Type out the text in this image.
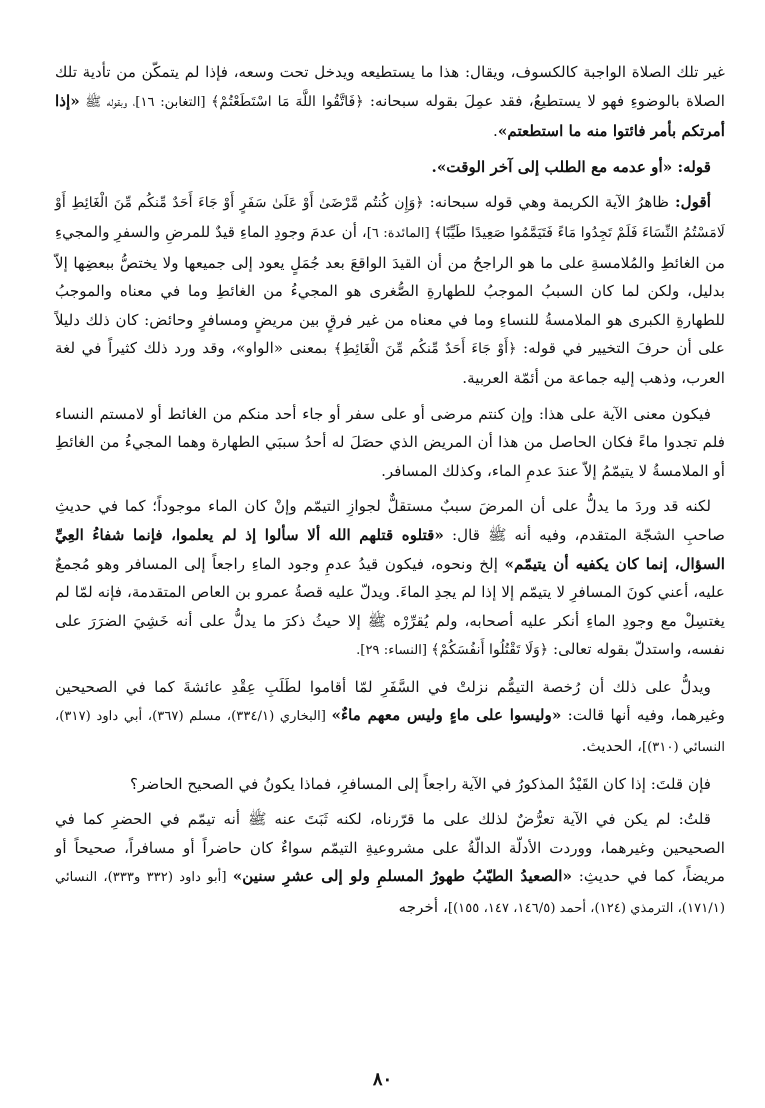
غير تلك الصلاة الواجبة كالكسوف، ويقال: هذا ما يستطيعه ويدخل تحت وسعه، فإذا لم يتمكّن من تأدية تلك الصلاة بالوضوءِ فهو لا يستطيعُ، فقد عمِلَ بقوله سبحانه: ﴿فَاتَّقُوا اللَّهَ مَا اسْتَطَعْتُمْ﴾ [التغابن: ١٦]، وبقوله ﷺ «إذا أمرتكم بأمر فائتوا منه ما استطعتم».

قوله: «أو عدمه مع الطلب إلى آخر الوقت».

أقول: ظاهرُ الآية الكريمة وهي قوله سبحانه: ﴿وَإِن كُنتُم مَّرْضَىٰ أَوْ عَلَىٰ سَفَرٍ أَوْ جَاءَ أَحَدٌ مِّنكُم مِّنَ الْغَائِطِ أَوْ لَامَسْتُمُ النِّسَاءَ فَلَمْ تَجِدُوا مَاءً فَتَيَمَّمُوا صَعِيدًا طَيِّبًا﴾ [المائدة: ٦]، أن عدمَ وجودِ الماءِ قيدٌ للمرضِ والسفرِ والمجيءِ من الغائطِ والمُلامسةِ على ما هو الراجحُ من أن القيدَ الواقعَ بعد جُمَلٍ يعود إلى جميعها ولا يختصُّ ببعضِها إلاّ بدليل، ولكن لما كان السببُ الموجبُ للطهارةِ الصُّغرى هو المجيءُ من الغائطِ وما في معناه والموجبُ للطهارةِ الكبرى هو الملامسةُ للنساءِ وما في معناه من غير فرقٍ بين مريضٍ ومسافرٍ وحائض: كان ذلك دليلاً على أن حرفَ التخيير في قوله: ﴿أَوْ جَاءَ أَحَدٌ مِّنكُم مِّنَ الْغَائِطِ﴾ بمعنى «الواو»، وقد ورد ذلك كثيراً في لغة العرب، وذهب إليه جماعة من أئمّة العربية.

فيكون معنى الآية على هذا: وإن كنتم مرضى أو على سفر أو جاء أحد منكم من الغائط أو لامستم النساء فلم تجدوا ماءً فكان الحاصل من هذا أن المريض الذي حصَلَ له أحدُ سببَي الطهارة وهما المجيءُ من الغائطِ أو الملامسةُ لا يتيمّمُ إلاّ عندَ عدمِ الماء، وكذلك المسافر.

لكنه قد وردَ ما يدلُّ على أن المرضَ سببٌ مستقلٌّ لجوازِ التيمّم وإنْ كان الماء موجوداً؛ كما في حديثِ صاحبِ الشجّة المتقدم، وفيه أنه ﷺ قال: «قتلوه قتلهم الله ألا سألوا إذ لم يعلموا، فإنما شفاءُ العِيِّ السؤال، إنما كان يكفيه أن يتيمّم» إلخ ونحوه، فيكون قيدُ عدمِ وجود الماءِ راجعاً إلى المسافر وهو مُجمعٌ عليه، أعني كونَ المسافرِ لا يتيمّم إلا إذا لم يجدِ الماءَ. ويدلّ عليه قصةُ عمرو بن العاص المتقدمة، فإنه لمّا لم يغتسِلْ مع وجودِ الماءِ أنكر عليه أصحابه، ولم يُقرِّرْه ﷺ إلا حيثُ ذكرَ ما يدلُّ على أنه خَشِيَ الضرَرَ على نفسه، واستدلّ بقوله تعالى: ﴿وَلَا تَقْتُلُوا أَنفُسَكُمْ﴾ [النساء: ٢٩].

ويدلُّ على ذلك أن رُخصة التيمُّم نزلتْ في السَّفَرِ لمّا أقاموا لطَلَبِ عِقْدِ عائشةَ كما في الصحيحين وغيرهما، وفيه أنها قالت: «وليسوا على ماءٍ وليس معهم ماءٌ» [البخاري (٣٣٤/١)، مسلم (٣٦٧)، أبي داود (٣١٧)، النسائي (٣١٠)]، الحديث.

فإن قلتَ: إذا كان القَيْدُ المذكورُ في الآية راجعاً إلى المسافرِ، فماذا يكونُ في الصحيح الحاضر؟

قلتُ: لم يكن في الآية تعرُّضٌ لذلك على ما قرّرناه، لكنه ثَبَتَ عنه ﷺ أنه تيمّم في الحضرِ كما في الصحيحين وغيرهما، ووردت الأدلّة الدالّةُ على مشروعيةِ التيمّم سواءٌ كان حاضراً أو مسافراً، صحيحاً أو مريضاً، كما في حديثِ: «الصعيدُ الطيّبُ طهورُ المسلمِ ولو إلى عشرِ سنين» [أبو داود (٣٣٢ و٣٣٣)، النسائي (١٧١/١)، الترمذي (١٢٤)، أحمد (١٤٦/٥، ١٤٧، ١٥٥)]، أخرجه

٨٠
